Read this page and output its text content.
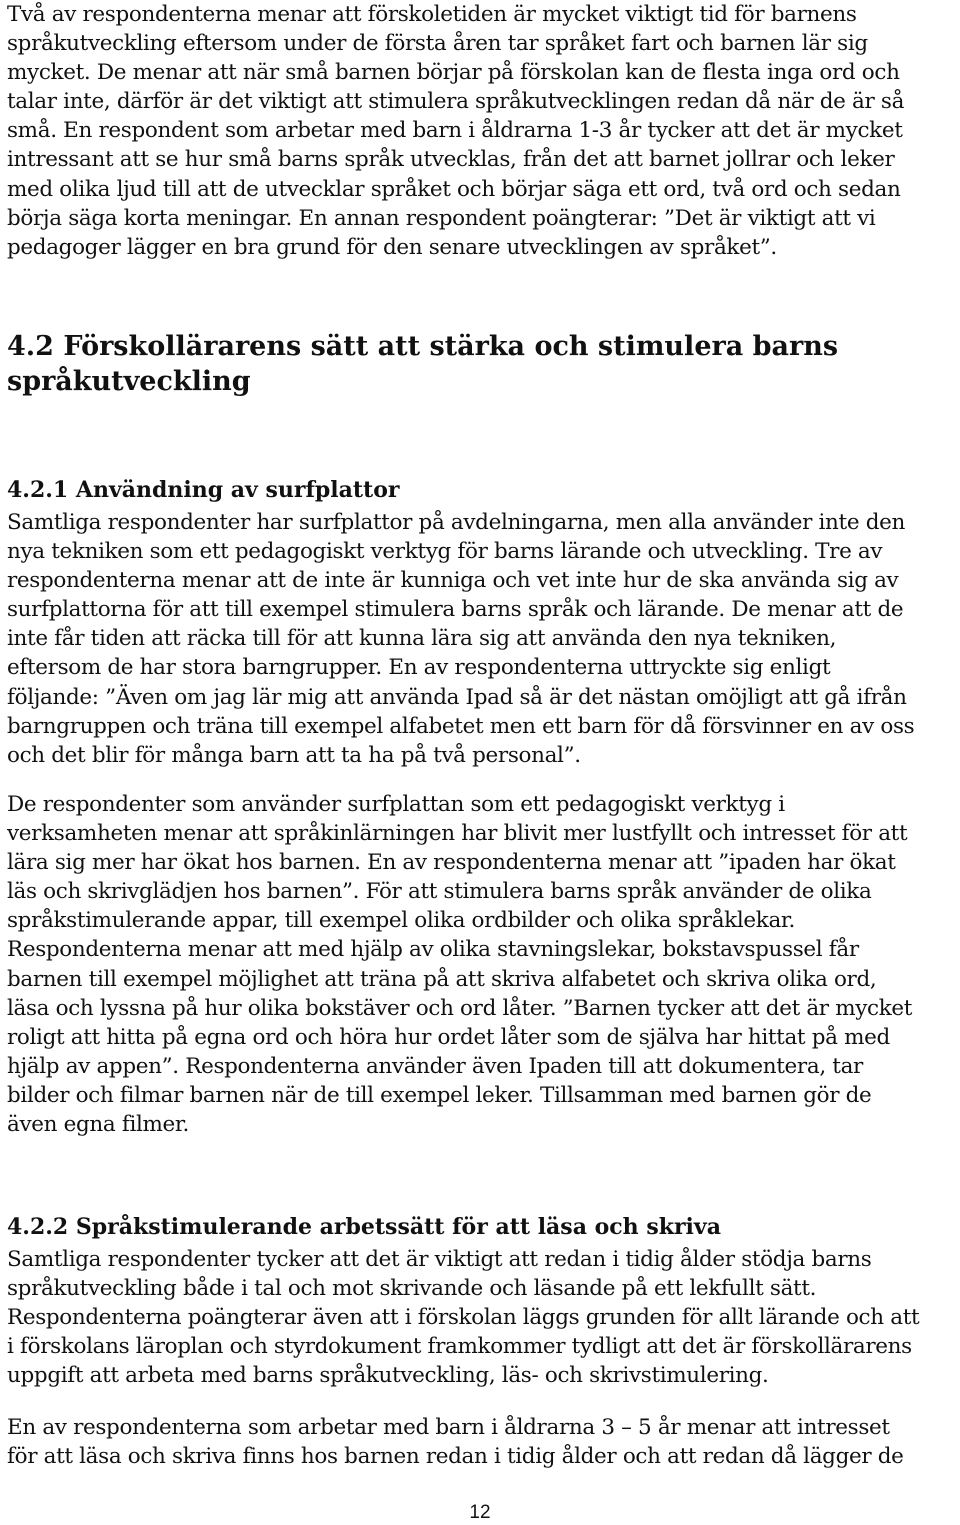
Två av respondenterna menar att förskoletiden är mycket viktigt tid för barnens
språkutveckling eftersom under de första åren tar språket fart och barnen lär sig
mycket. De menar att när små barnen börjar på förskolan kan de flesta inga ord och
talar inte, därför är det viktigt att stimulera språkutvecklingen redan då när de är så
små. En respondent som arbetar med barn i åldrarna 1-3 år tycker att det är mycket
intressant att se hur små barns språk utvecklas, från det att barnet jollrar och leker
med olika ljud till att de utvecklar språket och börjar säga ett ord, två ord och sedan
börja säga korta meningar. En annan respondent poängterar: ”Det är viktigt att vi
pedagoger lägger en bra grund för den senare utvecklingen av språket”.
4.2 Förskollärarens sätt att stärka och stimulera barns
språkutveckling
4.2.1 Användning av surfplattor
Samtliga respondenter har surfplattor på avdelningarna, men alla använder inte den
nya tekniken som ett pedagogiskt verktyg för barns lärande och utveckling. Tre av
respondenterna menar att de inte är kunniga och vet inte hur de ska använda sig av
surfplattorna för att till exempel stimulera barns språk och lärande. De menar att de
inte får tiden att räcka till för att kunna lära sig att använda den nya tekniken,
eftersom de har stora barngrupper. En av respondenterna uttryckte sig enligt
följande: ”Även om jag lär mig att använda Ipad så är det nästan omöjligt att gå ifrån
barngruppen och träna till exempel alfabetet men ett barn för då försvinner en av oss
och det blir för många barn att ta ha på två personal”.
De respondenter som använder surfplattan som ett pedagogiskt verktyg i
verksamheten menar att språkinlärningen har blivit mer lustfyllt och intresset för att
lära sig mer har ökat hos barnen. En av respondenterna menar att ”ipaden har ökat
läs och skrivglädjen hos barnen”. För att stimulera barns språk använder de olika
språkstimulerande appar, till exempel olika ordbilder och olika språklekar.
Respondenterna menar att med hjälp av olika stavningslekar, bokstavspussel får
barnen till exempel möjlighet att träna på att skriva alfabetet och skriva olika ord,
läsa och lyssna på hur olika bokstäver och ord låter. ”Barnen tycker att det är mycket
roligt att hitta på egna ord och höra hur ordet låter som de själva har hittat på med
hjälp av appen”. Respondenterna använder även Ipaden till att dokumentera, tar
bilder och filmar barnen när de till exempel leker. Tillsamman med barnen gör de
även egna filmer.
4.2.2 Språkstimulerande arbetssätt för att läsa och skriva
Samtliga respondenter tycker att det är viktigt att redan i tidig ålder stödja barns
språkutveckling både i tal och mot skrivande och läsande på ett lekfullt sätt.
Respondenterna poängterar även att i förskolan läggs grunden för allt lärande och att
i förskolans läroplan och styrdokument framkommer tydligt att det är förskollärarens
uppgift att arbeta med barns språkutveckling, läs- och skrivstimulering.
En av respondenterna som arbetar med barn i åldrarna 3 – 5 år menar att intresset
för att läsa och skriva finns hos barnen redan i tidig ålder och att redan då lägger de
12
